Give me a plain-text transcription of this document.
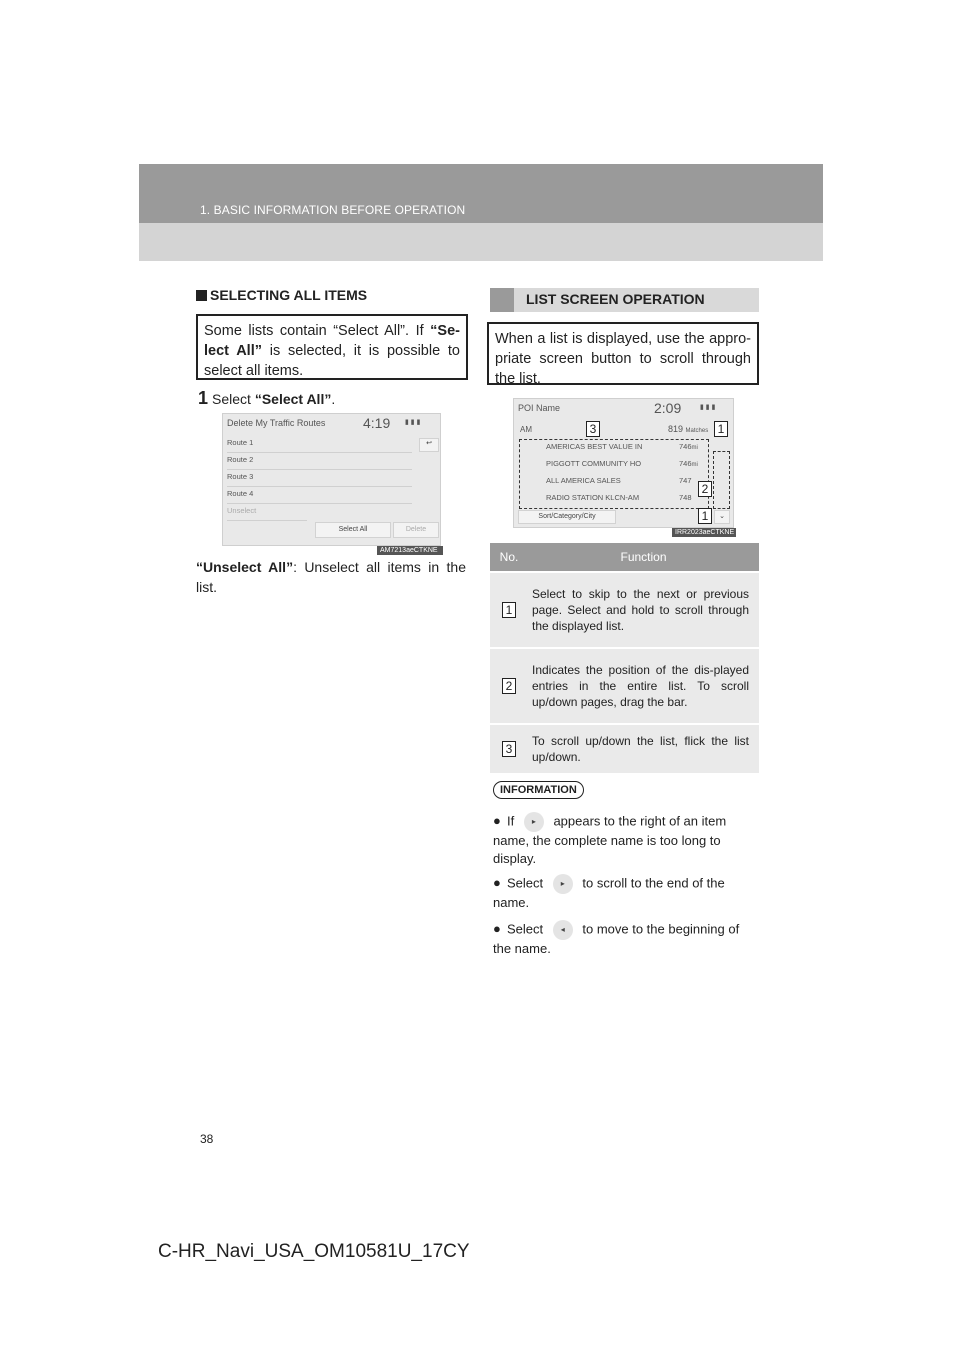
1. BASIC INFORMATION BEFORE OPERATION
SELECTING ALL ITEMS
Some lists contain “Select All”. If “Se-lect All” is selected, it is possible to select all items.
1 Select “Select All”.
Delete My Traffic Routes	4:19 ▮ ▮ ▮
↩
Route 1
Route 2
Route 3
Route 4
Unselect
Select All	Delete
AM7213aeCTKNE
“Unselect All”: Unselect all items in the list.
LIST SCREEN OPERATION
When a list is displayed, use the appro-priate screen button to scroll through the list.
POI Name	2:09	▮ ▮ ▮
AM	819 Matches
AMERICAS BEST VALUE IN	746mi
PIGGOTT COMMUNITY HO	746mi
ALL AMERICA SALES	747
RADIO STATION KLCN-AM	748
Sort/Category/City	⌄
3	1
2
1
IRR2023aeCTKNE
No.	Function
1	Select to skip to the next or previous page. Select and hold to scroll through the displayed list.
2	Indicates the position of the dis-played entries in the entire list. To scroll up/down pages, drag the bar.
3	To scroll up/down the list, flick the list up/down.
INFORMATION
● If ▸ appears to the right of an item name, the complete name is too long to display.
● Select ▸ to scroll to the end of the name.
● Select ◂ to move to the beginning of the name.
38
C-HR_Navi_USA_OM10581U_17CY
